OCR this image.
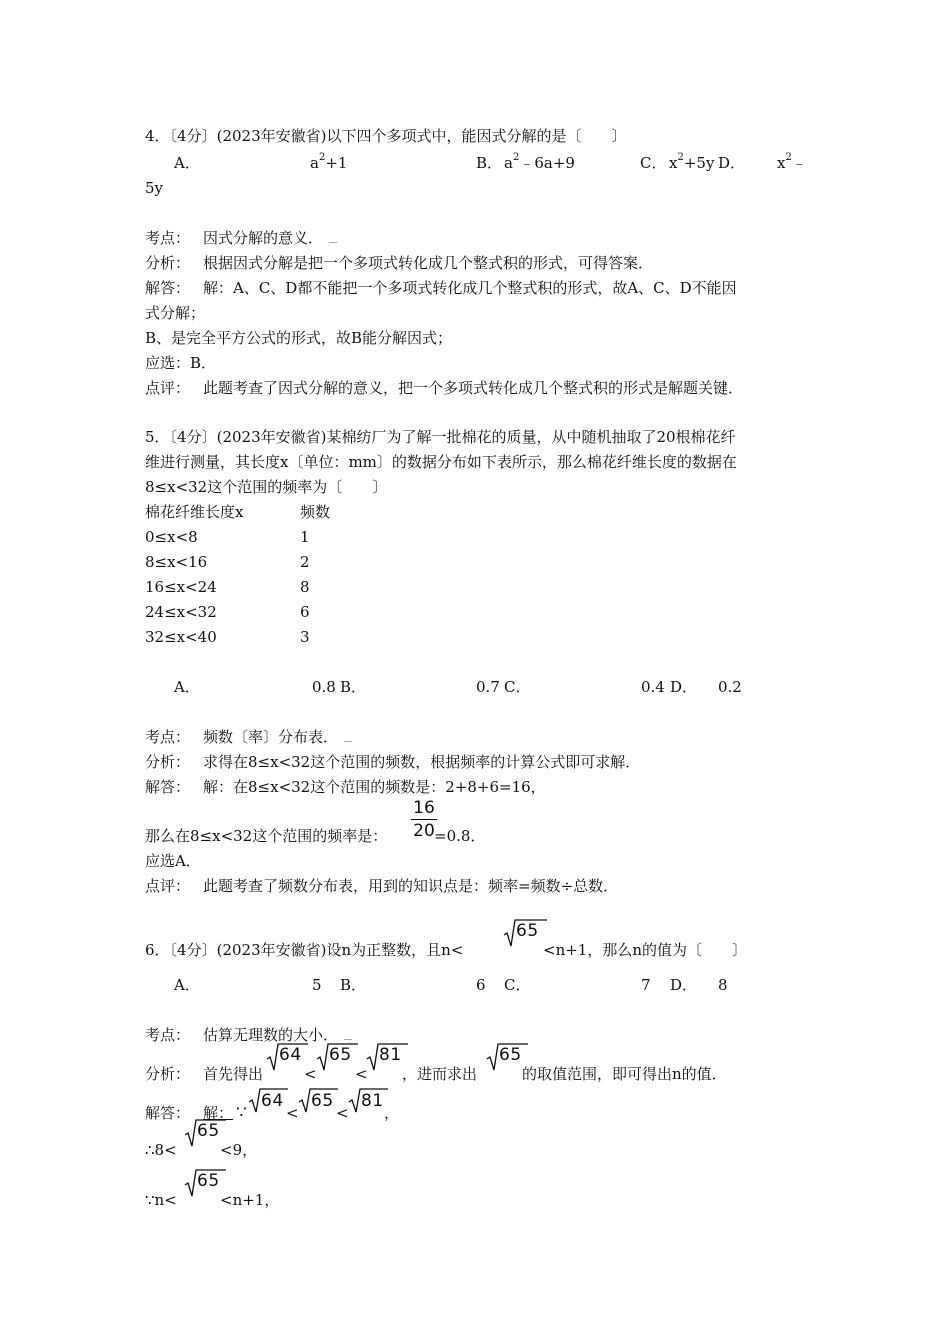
4．〔4分〕(2023年安徽省)以下四个多项式中，能因式分解的是〔　　〕
A．	$a^2+1$	B． $a^2﹣6a+9$	C． $x^2+5y$ D． $x^2﹣$
5y
考点： 因式分解的意义．
分析： 根据因式分解是把一个多项式转化成几个整式积的形式，可得答案．
解答： 解：A、C、D都不能把一个多项式转化成几个整式积的形式，故A、C、D不能因
式分解；
B、是完全平方公式的形式，故B能分解因式；
应选：B．
点评： 此题考查了因式分解的意义，把一个多项式转化成几个整式积的形式是解题关键．
5．〔4分〕(2023年安徽省)某棉纺厂为了解一批棉花的质量，从中随机抽取了20根棉花纤
维进行测量，其长度x〔单位：mm〕的数据分布如下表所示，那么棉花纤维长度的数据在
8≤x<32这个范围的频率为〔　　〕
棉花纤维长度x	频数
0≤x<8	1
8≤x<16	2
16≤x<24	8
24≤x<32	6
32≤x<40	3
A．	0.8 B．	0.7 C．	0.4 D． 0.2
考点： 频数〔率〕分布表．
分析： 求得在8≤x<32这个范围的频数，根据频率的计算公式即可求解．
解答： 解：在8≤x<32这个范围的频数是：2+8+6=16，
那么在8≤x<32这个范围的频率是：
16
20 =0.8．
应选A．
点评： 此题考查了频数分布表，用到的知识点是：频率=频数÷总数．
6．〔4分〕(2023年安徽省)设n为正整数，且n<
65
<n+1，那么n的值为〔　　〕
A．	5 B．	6 C．	7 D． 8
考点： 估算无理数的大小．
分析： 首先得出
64
<
65
<
81
，进而求出
65
的取值范围，即可得出n的值．
解答： 解： ∵
64
<
65
<
81
，
∴8<
65
<9，
∵n<
65
<n+1，
